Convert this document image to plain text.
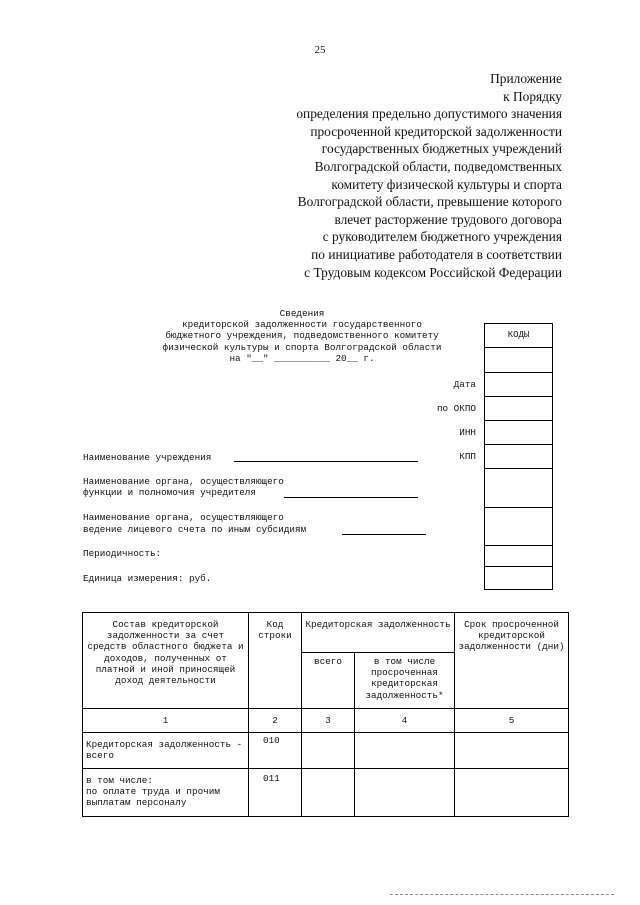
25
Приложение
к Порядку
определения предельно допустимого значения
просроченной кредиторской задолженности
государственных бюджетных учреждений
Волгоградской области, подведомственных
комитету физической культуры и спорта
Волгоградской области, превышение которого
влечет расторжение трудового договора
с руководителем бюджетного учреждения
по инициативе работодателя в соответствии
с Трудовым кодексом Российской Федерации
Сведения
кредиторской задолженности государственного
бюджетного учреждения, подведомственного комитету
физической культуры и спорта Волгоградской области
на "__" __________ 20__ г.
КОДЫ
Дата
по ОКПО
ИНН
КПП
Наименование учреждения
Наименование органа, осуществляющего
функции и полномочия учредителя
Наименование органа, осуществляющего
ведение лицевого счета по иным субсидиям
Периодичность:
Единица измерения: руб.
Состав кредиторской задолженности за счет средств областного бюджета и доходов, полученных от платной и иной приносящей доход деятельности	Код строки	Кредиторская задолженность		Срок просроченной кредиторской задолженности (дни)
		всего	в том числе просроченная кредиторская задолженность*	
1	2	3	4	5
Кредиторская задолженность - всего	010			
в том числе:
по оплате труда и прочим выплатам персоналу	011			
